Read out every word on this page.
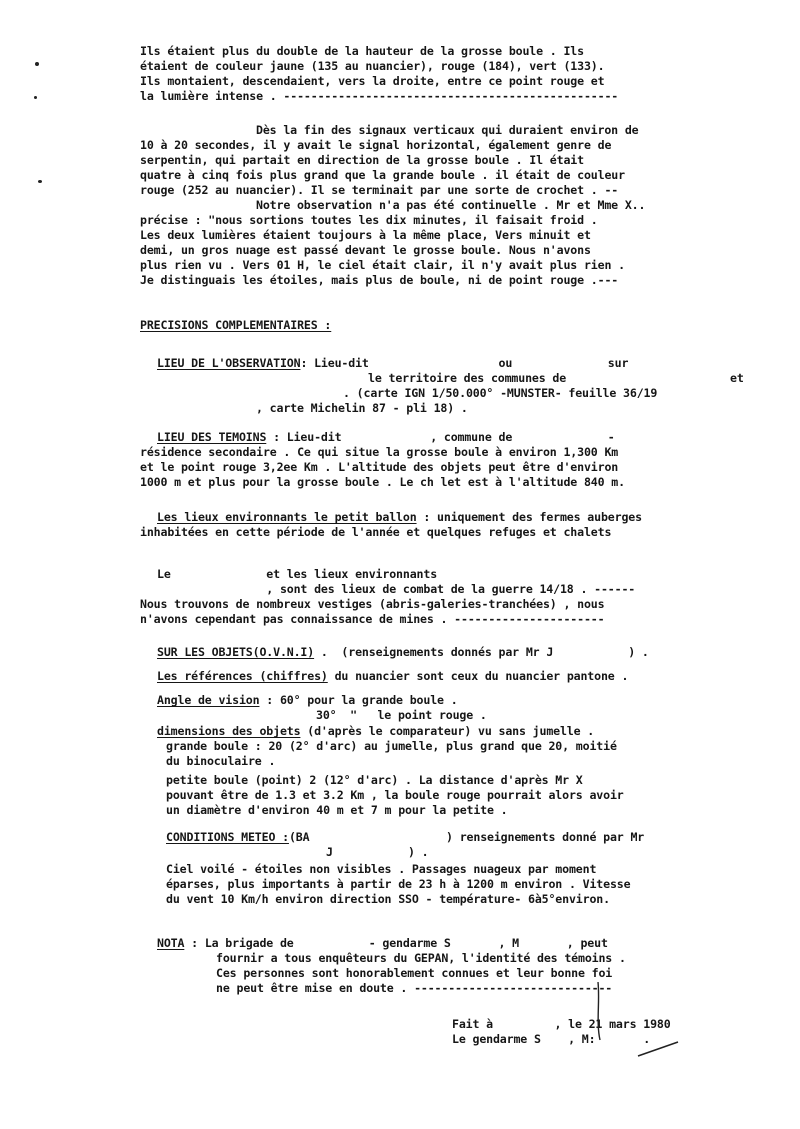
Ils étaient plus du double de la hauteur de la grosse boule . Ils
étaient de couleur jaune (135 au nuancier), rouge (184), vert (133).
Ils montaient, descendaient, vers la droite, entre ce point rouge et
la lumière intense . -------------------------------------------------
Dès la fin des signaux verticaux qui duraient environ de
10 à 20 secondes, il y avait le signal horizontal, également genre de
serpentin, qui partait en direction de la grosse boule . Il était
quatre à cinq fois plus grand que la grande boule . il était de couleur
rouge (252 au nuancier). Il se terminait par une sorte de crochet . --
Notre observation n'a pas été continuelle . Mr et Mme X..
précise : "nous sortions toutes les dix minutes, il faisait froid .
Les deux lumières étaient toujours à la même place, Vers minuit et
demi, un gros nuage est passé devant le grosse boule. Nous n'avons
plus rien vu . Vers 01 H, le ciel était clair, il n'y avait plus rien .
Je distinguais les étoiles, mais plus de boule, ni de point rouge .---
PRECISIONS COMPLEMENTAIRES :
LIEU DE L'OBSERVATION: Lieu-dit                   ou              sur
le territoire des communes de                        et
. (carte IGN 1/50.000° -MUNSTER- feuille 36/19
, carte Michelin 87 - pli 18) .
LIEU DES TEMOINS : Lieu-dit             , commune de              -
résidence secondaire . Ce qui situe la grosse boule à environ 1,300 Km
et le point rouge 3,2ee Km . L'altitude des objets peut être d'environ
1000 m et plus pour la grosse boule . Le ch let est à l'altitude 840 m.
Les lieux environnants le petit ballon : uniquement des fermes auberges
inhabitées en cette période de l'année et quelques refuges et chalets
Le              et les lieux environnants
, sont des lieux de combat de la guerre 14/18 . ------
Nous trouvons de nombreux vestiges (abris-galeries-tranchées) , nous
n'avons cependant pas connaissance de mines . ----------------------
SUR LES OBJETS(O.V.N.I) .  (renseignements donnés par Mr J           ) .
Les références (chiffres) du nuancier sont ceux du nuancier pantone .
Angle de vision : 60° pour la grande boule .
30°  "   le point rouge .
dimensions des objets (d'après le comparateur) vu sans jumelle .
grande boule : 20 (2° d'arc) au jumelle, plus grand que 20, moitié
du binoculaire .
petite boule (point) 2 (12° d'arc) . La distance d'après Mr X
pouvant être de 1.3 et 3.2 Km , la boule rouge pourrait alors avoir
un diamètre d'environ 40 m et 7 m pour la petite .
CONDITIONS METEO :(BA                    ) renseignements donné par Mr
J           ) .
Ciel voilé - étoiles non visibles . Passages nuageux par moment
éparses, plus importants à partir de 23 h à 1200 m environ . Vitesse
du vent 10 Km/h environ direction SSO - température- 6à5°environ.
NOTA : La brigade de           - gendarme S       , M       , peut
fournir a tous enquêteurs du GEPAN, l'identité des témoins .
Ces personnes sont honorablement connues et leur bonne foi
ne peut être mise en doute . -----------------------------
Fait à         , le 21 mars 1980
Le gendarme S    , M:       .
